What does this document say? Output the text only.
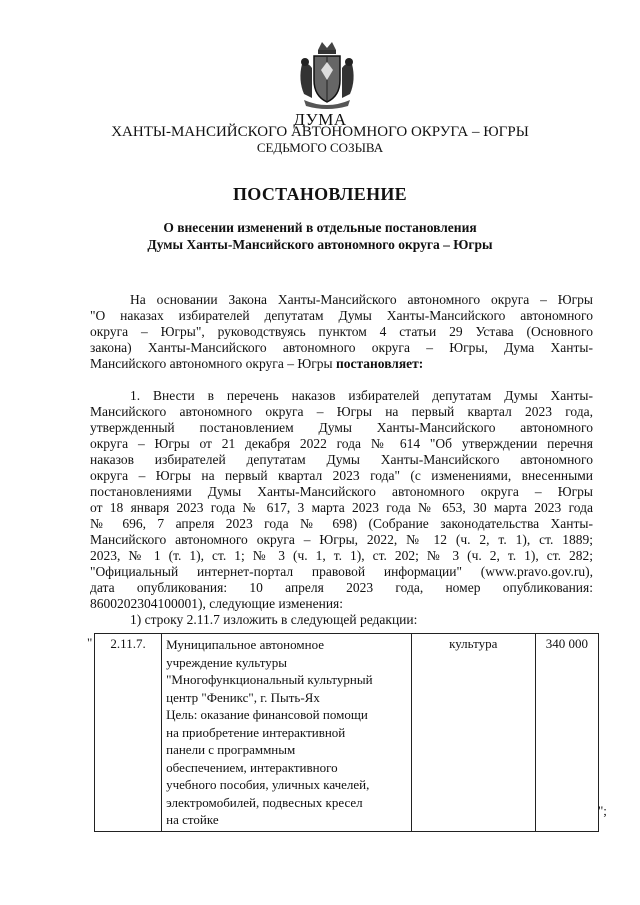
ДУМА
ХАНТЫ-МАНСИЙСКОГО АВТОНОМНОГО ОКРУГА – ЮГРЫ
СЕДЬМОГО СОЗЫВА
ПОСТАНОВЛЕНИЕ
О внесении изменений в отдельные постановления
Думы Ханты-Мансийского автономного округа – Югры
На основании Закона Ханты-Мансийского автономного округа – Югры
"О наказах избирателей депутатам Думы Ханты-Мансийского автономного
округа – Югры", руководствуясь пунктом 4 статьи 29 Устава (Основного
закона) Ханты-Мансийского автономного округа – Югры, Дума Ханты-
Мансийского автономного округа – Югры постановляет:
1. Внести в перечень наказов избирателей депутатам Думы Ханты-
Мансийского автономного округа – Югры на первый квартал 2023 года,
утвержденный постановлением Думы Ханты-Мансийского автономного
округа – Югры от 21 декабря 2022 года № 614 "Об утверждении перечня
наказов избирателей депутатам Думы Ханты-Мансийского автономного
округа – Югры на первый квартал 2023 года" (с изменениями, внесенными
постановлениями Думы Ханты-Мансийского автономного округа – Югры
от 18 января 2023 года № 617, 3 марта 2023 года № 653, 30 марта 2023 года
№ 696, 7 апреля 2023 года № 698) (Собрание законодательства Ханты-
Мансийского автономного округа – Югры, 2022, № 12 (ч. 2, т. 1), ст. 1889;
2023, № 1 (т. 1), ст. 1; № 3 (ч. 1, т. 1), ст. 202; № 3 (ч. 2, т. 1), ст. 282;
"Официальный интернет-портал правовой информации" (www.pravo.gov.ru),
дата опубликования: 10 апреля 2023 года, номер опубликования:
8600202304100001), следующие изменения:
1) строку 2.11.7 изложить в следующей редакции:
" 2.11.7.	Муниципальное автономное
учреждение культуры
"Многофункциональный культурный
центр "Феникс", г. Пыть-Ях
Цель: оказание финансовой помощи
на приобретение интерактивной
панели с программным
обеспечением, интерактивного
учебного пособия, уличных качелей,
электромобилей, подвесных кресел
на стойке
	культура	340 000
";
